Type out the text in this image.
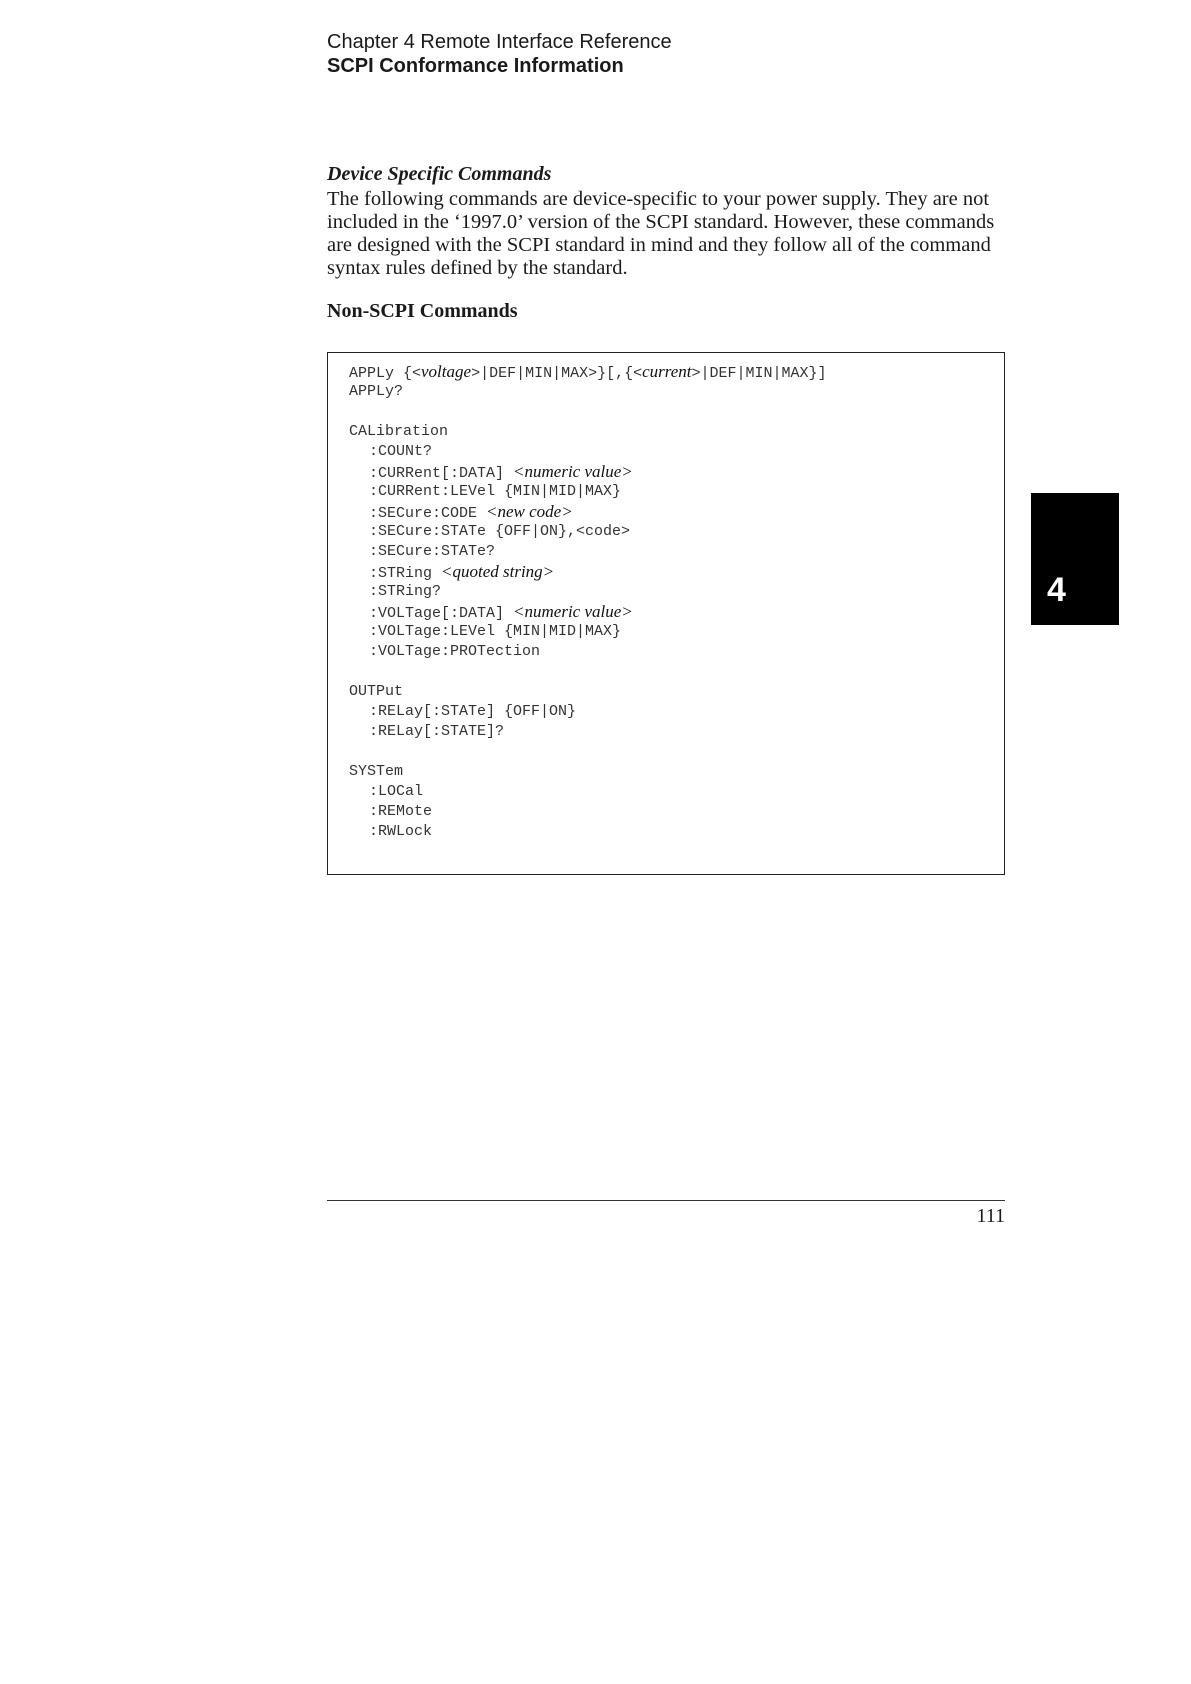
Chapter 4 Remote Interface Reference
SCPI Conformance Information
Device Specific Commands

The following commands are device-specific to your power supply. They are not included in the ‘1997.0’ version of the SCPI standard. However, these commands are designed with the SCPI standard in mind and they follow all of the command syntax rules defined by the standard.

Non-SCPI Commands
APPLy {<voltage>|DEF|MIN|MAX>}[,{<current>|DEF|MIN|MAX}]
APPLy?
CALibration
:COUNt?
:CURRent[:DATA] <numeric value>
:CURRent:LEVel {MIN|MID|MAX}
:SECure:CODE <new code>
:SECure:STATe {OFF|ON},<code>
:SECure:STATe?
:STRing <quoted string>
:STRing?
:VOLTage[:DATA] <numeric value>
:VOLTage:LEVel {MIN|MID|MAX}
:VOLTage:PROTection
OUTPut
:RELay[:STATe] {OFF|ON}
:RELay[:STATE]?
SYSTem
:LOCal
:REMote
:RWLock
4
111
